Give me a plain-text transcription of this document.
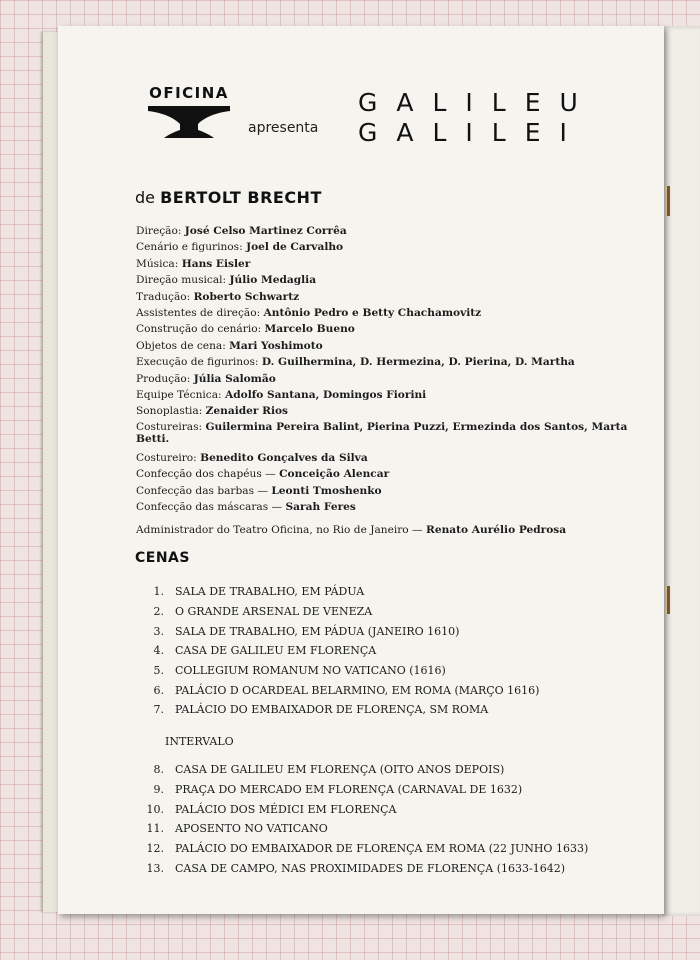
OFICINA
apresenta
GALILEU
GALILEI
de BERTOLT BRECHT
Direção: José Celso Martinez Corrêa
Cenário e figurinos: Joel de Carvalho
Música: Hans Eisler
Direção musical: Júlio Medaglia
Tradução: Roberto Schwartz
Assistentes de direção: Antônio Pedro e Betty Chachamovitz
Construção do cenário: Marcelo Bueno
Objetos de cena: Mari Yoshimoto
Execução de figurinos: D. Guilhermina, D. Hermezina, D. Pierina, D. Martha
Produção: Júlia Salomão
Equipe Técnica: Adolfo Santana, Domingos Fiorini
Sonoplastia: Zenaider Rios
Costureiras: Guilermina Pereira Balint, Pierina Puzzi, Ermezinda dos Santos, Marta Betti.
Costureiro: Benedito Gonçalves da Silva
Confecção dos chapéus — Conceição Alencar
Confecção das barbas — Leonti Tmoshenko
Confecção das máscaras — Sarah Feres
Administrador do Teatro Oficina, no Rio de Janeiro — Renato Aurélio Pedrosa
CENAS
1. SALA DE TRABALHO, EM PÁDUA
2. O GRANDE ARSENAL DE VENEZA
3. SALA DE TRABALHO, EM PÁDUA (JANEIRO 1610)
4. CASA DE GALILEU EM FLORENÇA
5. COLLEGIUM ROMANUM NO VATICANO (1616)
6. PALÁCIO D OCARDEAL BELARMINO, EM ROMA (MARÇO 1616)
7. PALÁCIO DO EMBAIXADOR DE FLORENÇA, SM ROMA
INTERVALO
8. CASA DE GALILEU EM FLORENÇA (OITO ANOS DEPOIS)
9. PRAÇA DO MERCADO EM FLORENÇA (CARNAVAL DE 1632)
10. PALÁCIO DOS MÉDICI EM FLORENÇA
11. APOSENTO NO VATICANO
12. PALÁCIO DO EMBAIXADOR DE FLORENÇA EM ROMA (22 JUNHO 1633)
13. CASA DE CAMPO, NAS PROXIMIDADES DE FLORENÇA (1633-1642)
